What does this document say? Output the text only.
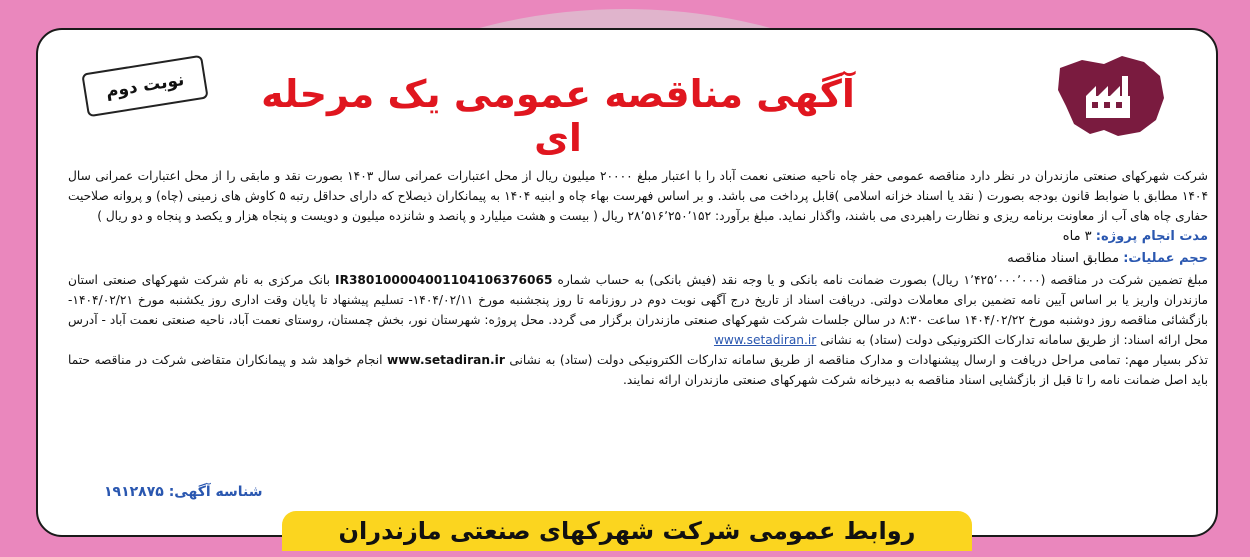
نوبت دوم	آگهی مناقصه عمومی یک مرحله ای

شرکت شهرکهای صنعتی مازندران در نظر دارد مناقصه عمومی حفر چاه ناحیه صنعتی نعمت آباد را با اعتبار مبلغ ۲۰۰۰۰ میلیون ریال از محل اعتبارات عمرانی سال ۱۴۰۳ بصورت نقد و مابقی را از محل اعتبارات عمرانی سال ۱۴۰۴ مطابق با ضوابط قانون بودجه بصورت ( نقد یا اسناد خزانه اسلامی )قابل پرداخت می باشد. و بر اساس فهرست بهاء چاه و ابنیه ۱۴۰۴ به پیمانکاران ذیصلاح که دارای حداقل رتبه ۵ کاوش های زمینی (چاه) و پروانه صلاحیت حفاری چاه های آب از معاونت برنامه ریزی و نظارت راهبردی می باشند، واگذار نماید. مبلغ برآورد: ۲۸٬۵۱۶٬۲۵۰٬۱۵۲ ریال ( بیست و هشت میلیارد و پانصد و شانزده میلیون و دویست و پنجاه هزار و یکصد و پنجاه و دو ریال )

مدت انجام پروژه: ۳ ماه

حجم عملیات: مطابق اسناد مناقصه

مبلغ تضمین شرکت در مناقصه (۱٬۴۲۵٬۰۰۰٬۰۰۰ ریال) بصورت ضمانت نامه بانکی و یا وجه نقد (فیش بانکی) به حساب شماره IR380100004001104106376065 بانک مرکزی به نام شرکت شهرکهای صنعتی استان مازندران واریز یا بر اساس آیین نامه تضمین برای معاملات دولتی. دریافت اسناد از تاریخ درج آگهی نوبت دوم در روزنامه تا روز پنجشنبه مورخ ۱۴۰۴/۰۲/۱۱- تسلیم پیشنهاد تا پایان وقت اداری روز یکشنبه مورخ ۱۴۰۴/۰۲/۲۱- بازگشائی مناقصه روز دوشنبه مورخ ۱۴۰۴/۰۲/۲۲ ساعت ۸:۳۰ در سالن جلسات شرکت شهرکهای صنعتی مازندران برگزار می گردد. محل پروژه: شهرستان نور، بخش چمستان، روستای نعمت آباد، ناحیه صنعتی نعمت آباد - آدرس محل ارائه اسناد: از طریق سامانه تدارکات الکترونیکی دولت (ستاد) به نشانی www.setadiran.ir

تذکر بسیار مهم: تمامی مراحل دریافت و ارسال پیشنهادات و مدارک مناقصه از طریق سامانه تدارکات الکترونیکی دولت (ستاد) به نشانی www.setadiran.ir انجام خواهد شد و پیمانکاران متقاضی شرکت در مناقصه حتما باید اصل ضمانت نامه را تا قبل از بازگشایی اسناد مناقصه به دبیرخانه شرکت شهرکهای صنعتی مازندران ارائه نمایند.

شناسه آگهی: ۱۹۱۲۸۷۵
روابط عمومی شرکت شهرکهای صنعتی مازندران
